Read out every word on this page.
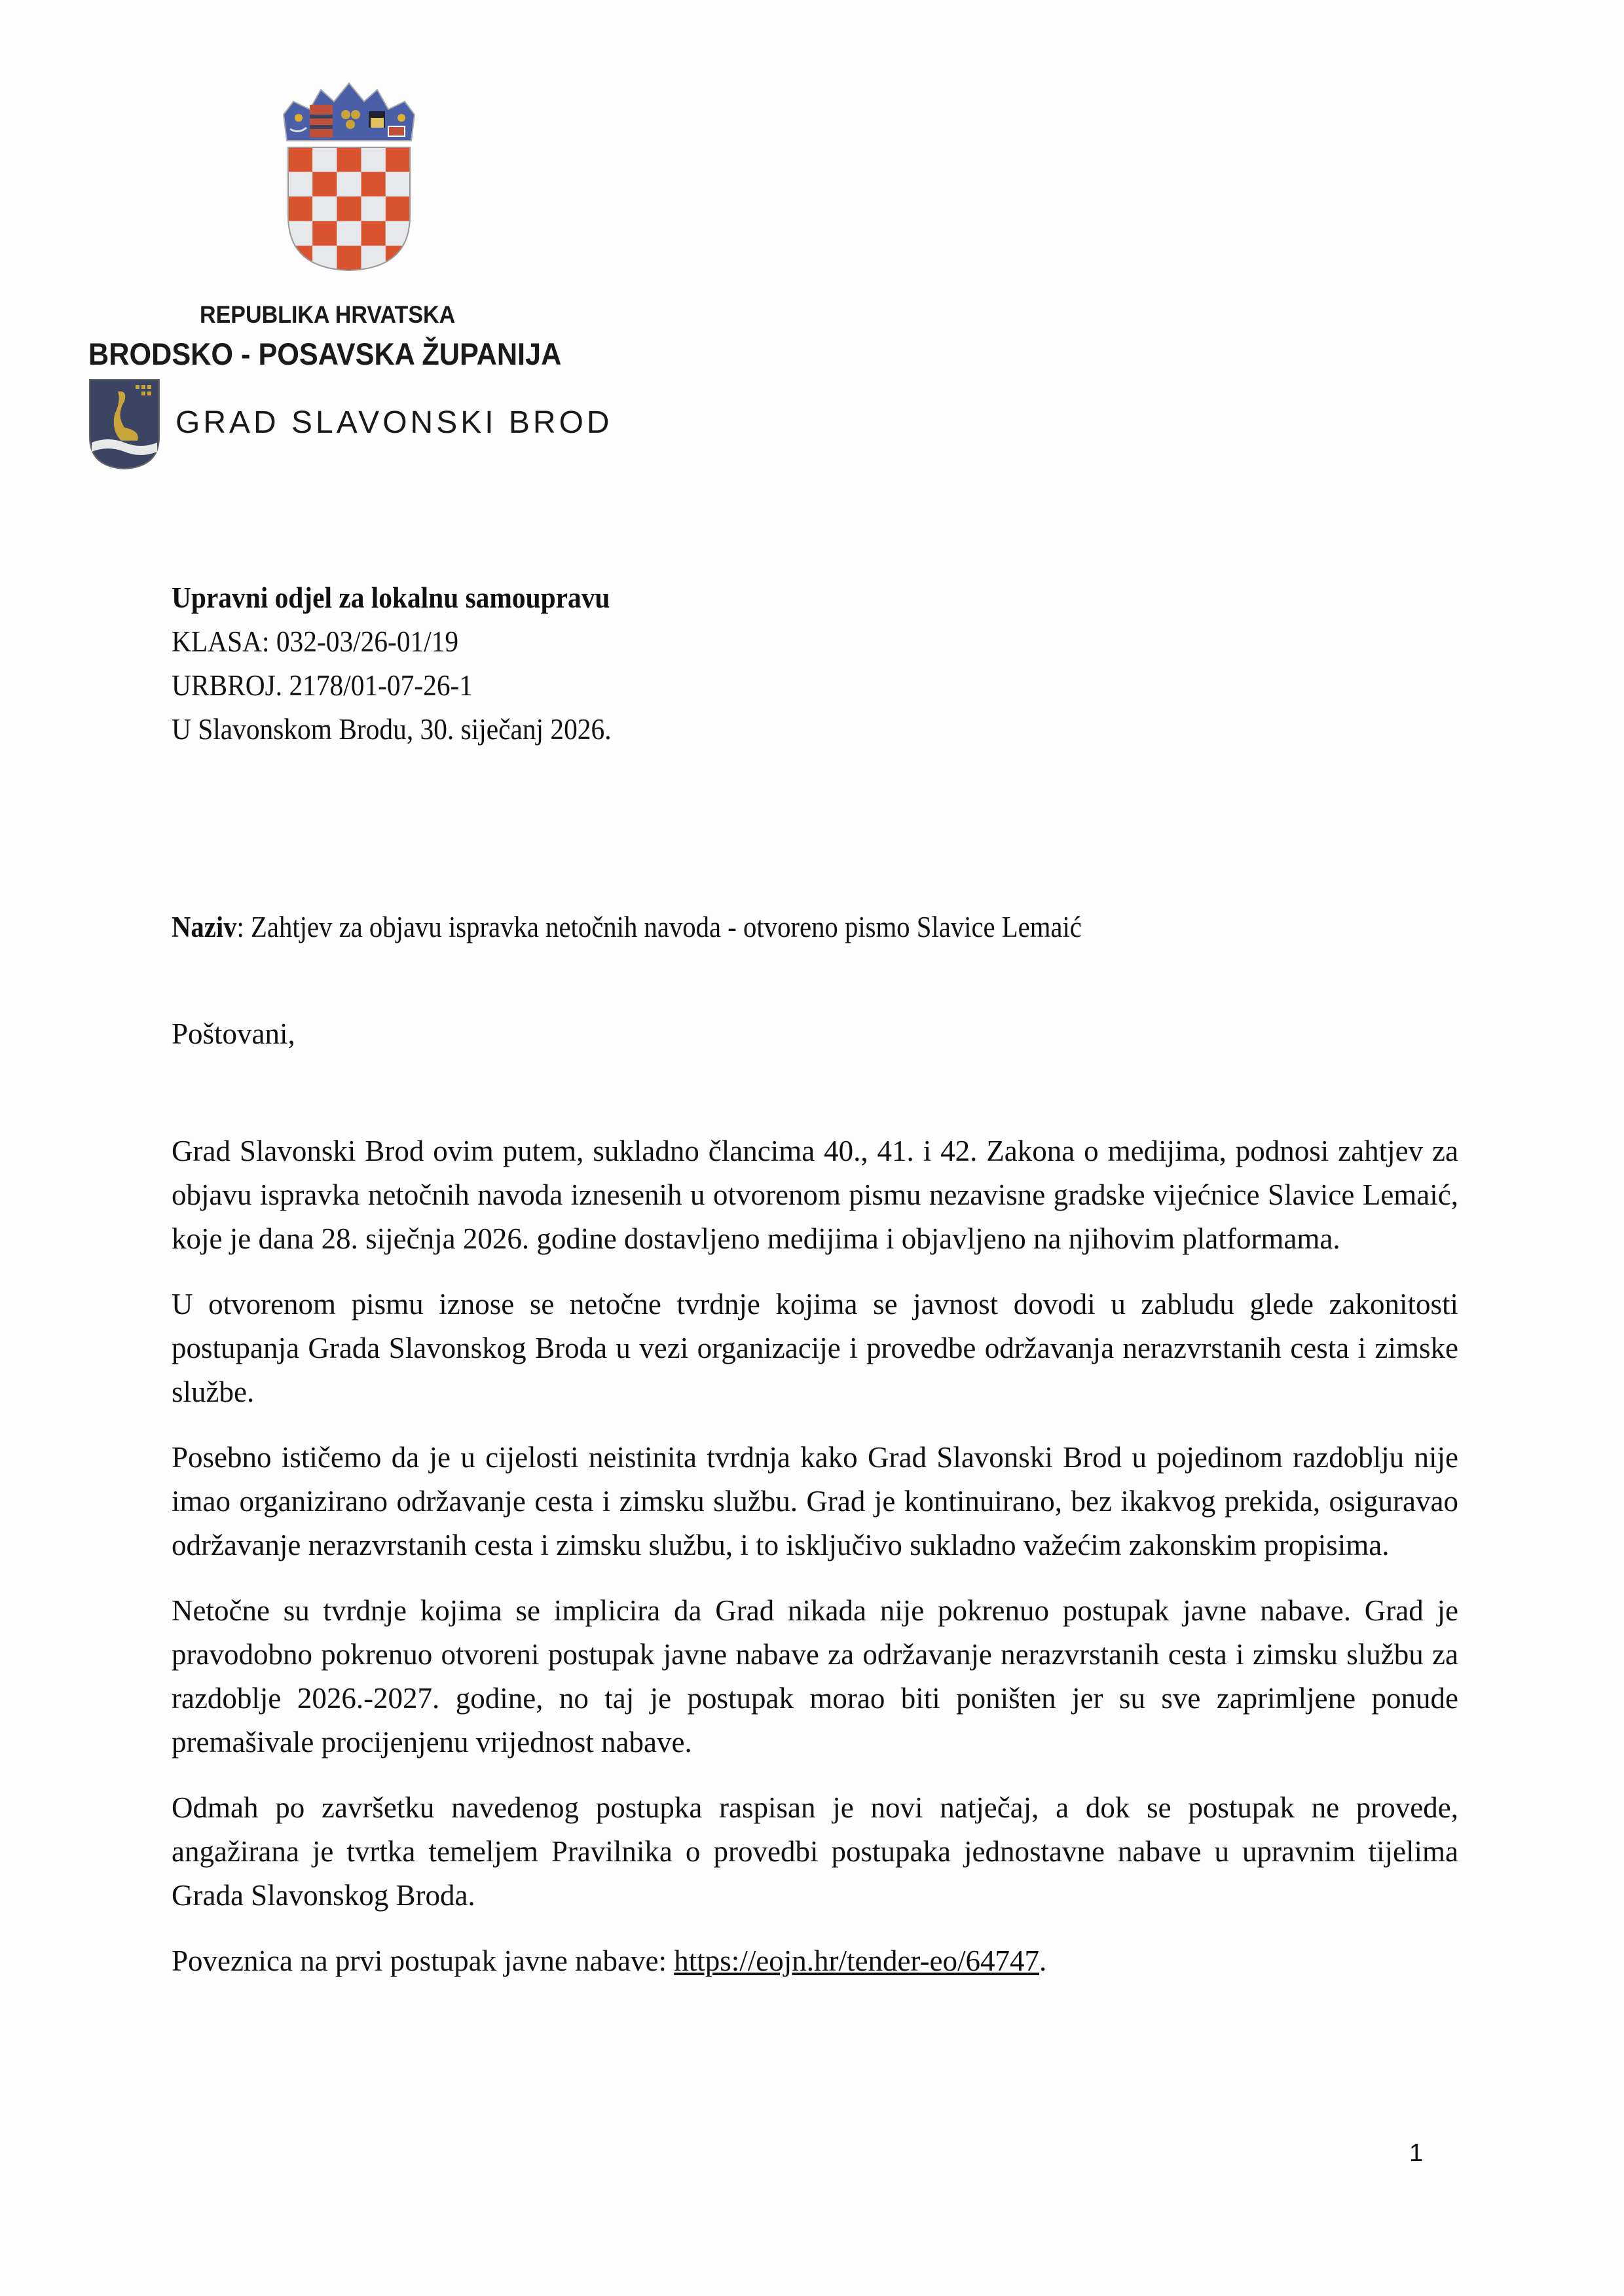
REPUBLIKA HRVATSKA
BRODSKO - POSAVSKA ŽUPANIJA
GRAD SLAVONSKI BROD
Upravni odjel za lokalnu samoupravu
KLASA: 032-03/26-01/19
URBROJ. 2178/01-07-26-1
U Slavonskom Brodu, 30. siječanj 2026.
Naziv: Zahtjev za objavu ispravka netočnih navoda - otvoreno pismo Slavice Lemaić
Poštovani,

Grad Slavonski Brod ovim putem, sukladno člancima 40., 41. i 42. Zakona o medijima, podnosi zahtjev za objavu ispravka netočnih navoda iznesenih u otvorenom pismu nezavisne gradske vijećnice Slavice Lemaić, koje je dana 28. siječnja 2026. godine dostavljeno medijima i objavljeno na njihovim platformama.

U otvorenom pismu iznose se netočne tvrdnje kojima se javnost dovodi u zabludu glede zakonitosti postupanja Grada Slavonskog Broda u vezi organizacije i provedbe održavanja nerazvrstanih cesta i zimske službe.

Posebno ističemo da je u cijelosti neistinita tvrdnja kako Grad Slavonski Brod u pojedinom razdoblju nije imao organizirano održavanje cesta i zimsku službu. Grad je kontinuirano, bez ikakvog prekida, osiguravao održavanje nerazvrstanih cesta i zimsku službu, i to isključivo sukladno važećim zakonskim propisima.

Netočne su tvrdnje kojima se implicira da Grad nikada nije pokrenuo postupak javne nabave. Grad je pravodobno pokrenuo otvoreni postupak javne nabave za održavanje nerazvrstanih cesta i zimsku službu za razdoblje 2026.-2027. godine, no taj je postupak morao biti poništen jer su sve zaprimljene ponude premašivale procijenjenu vrijednost nabave.

Odmah po završetku navedenog postupka raspisan je novi natječaj, a dok se postupak ne provede, angažirana je tvrtka temeljem Pravilnika o provedbi postupaka jednostavne nabave u upravnim tijelima Grada Slavonskog Broda.

Poveznica na prvi postupak javne nabave: https://eojn.hr/tender-eo/64747.

1
